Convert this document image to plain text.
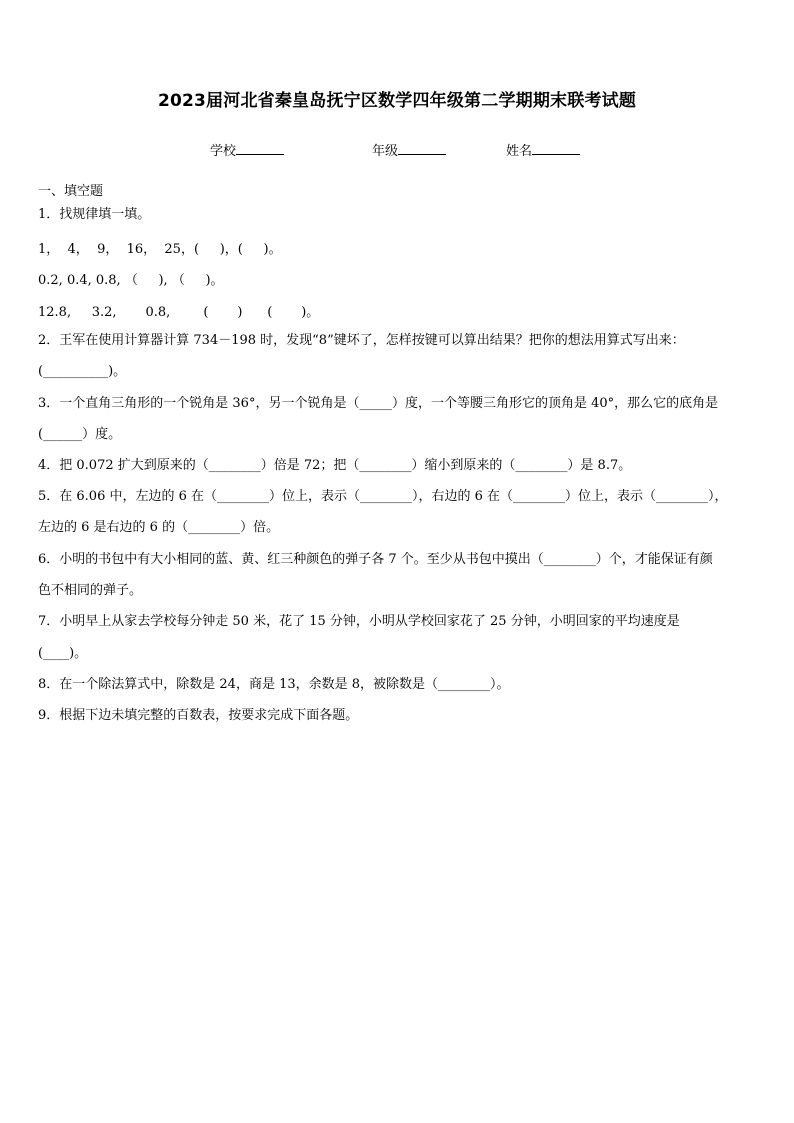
2023届河北省秦皇岛抚宁区数学四年级第二学期期末联考试题
学校	年级	姓名
一、填空题
1．找规律填一填。
1，  4，  9，  16，  25，(     )，(     )。
0.2, 0.4, 0.8, （     ), （     )。
12.8,     3.2,       0.8,        (       )      (       )。
2．王军在使用计算器计算 734－198 时，发现“8”键坏了，怎样按键可以算出结果？把你的想法用算式写出来：
(__________)。
3．一个直角三角形的一个锐角是 36°，另一个锐角是（_____）度，一个等腰三角形它的顶角是 40°，那么它的底角是
(______）度。
4．把 0.072 扩大到原来的（________）倍是 72；把（________）缩小到原来的（________）是 8.7。
5．在 6.06 中，左边的 6 在（________）位上，表示（________），右边的 6 在（________）位上，表示（________），
左边的 6 是右边的 6 的（________）倍。
6．小明的书包中有大小相同的蓝、黄、红三种颜色的弹子各 7 个。至少从书包中摸出（________）个，才能保证有颜
色不相同的弹子。
7．小明早上从家去学校每分钟走 50 米，花了 15 分钟，小明从学校回家花了 25 分钟，小明回家的平均速度是
(____)。
8．在一个除法算式中，除数是 24，商是 13，余数是 8，被除数是（________）。
9．根据下边未填完整的百数表，按要求完成下面各题。
